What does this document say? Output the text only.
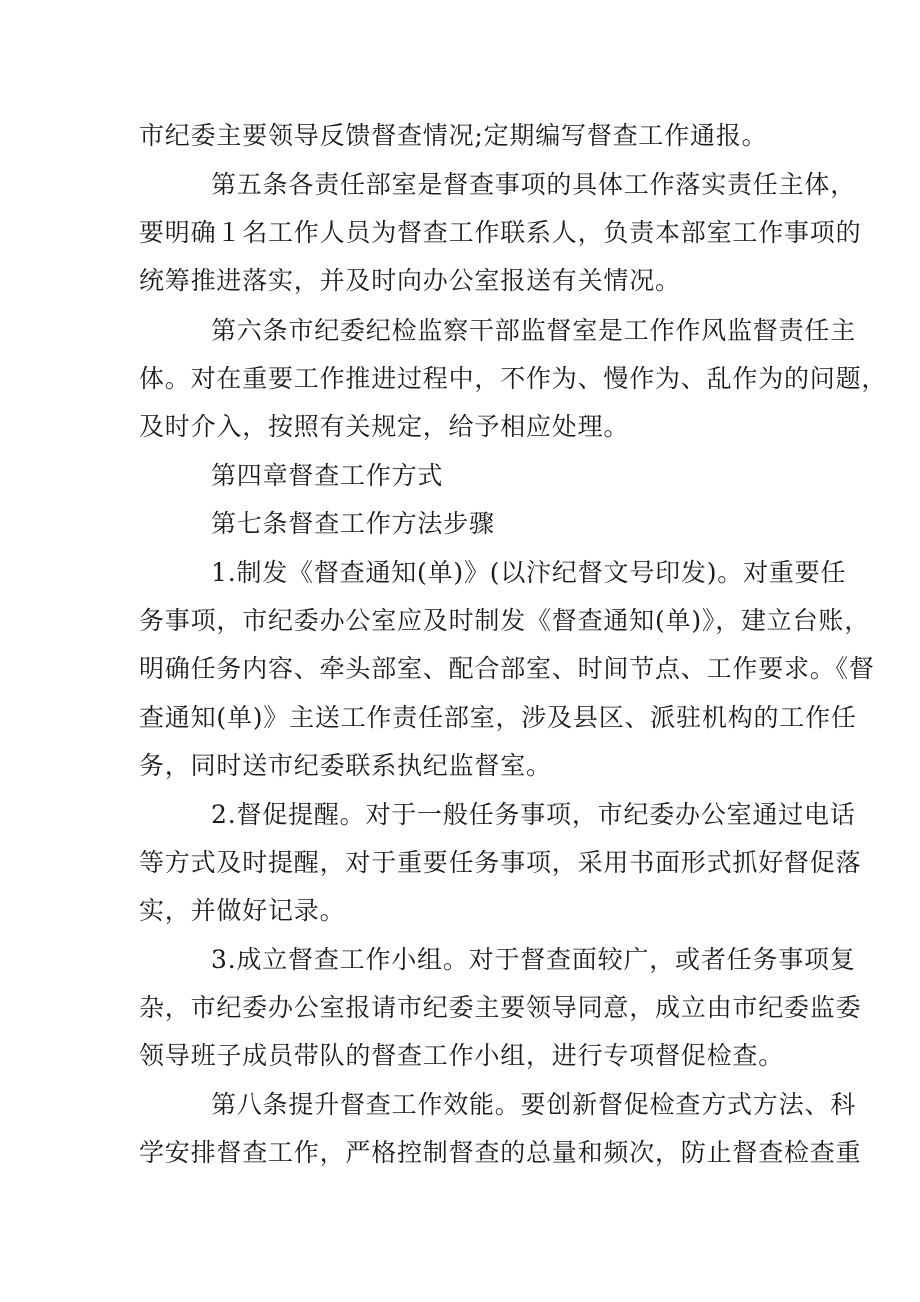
市纪委主要领导反馈督查情况;定期编写督查工作通报。
第五条各责任部室是督查事项的具体工作落实责任主体，
要明确１名工作人员为督查工作联系人，负责本部室工作事项的
统筹推进落实，并及时向办公室报送有关情况。
第六条市纪委纪检监察干部监督室是工作作风监督责任主
体。对在重要工作推进过程中，不作为、慢作为、乱作为的问题，
及时介入，按照有关规定，给予相应处理。
第四章督查工作方式
第七条督查工作方法步骤
1.制发《督查通知(单)》(以汴纪督文号印发)。对重要任
务事项，市纪委办公室应及时制发《督查通知(单)》，建立台账，
明确任务内容、牵头部室、配合部室、时间节点、工作要求。《督
查通知(单)》主送工作责任部室，涉及县区、派驻机构的工作任
务，同时送市纪委联系执纪监督室。
2.督促提醒。对于一般任务事项，市纪委办公室通过电话
等方式及时提醒，对于重要任务事项，采用书面形式抓好督促落
实，并做好记录。
3.成立督查工作小组。对于督查面较广，或者任务事项复
杂，市纪委办公室报请市纪委主要领导同意，成立由市纪委监委
领导班子成员带队的督查工作小组，进行专项督促检查。
第八条提升督查工作效能。要创新督促检查方式方法、科
学安排督查工作，严格控制督查的总量和频次，防止督查检查重
